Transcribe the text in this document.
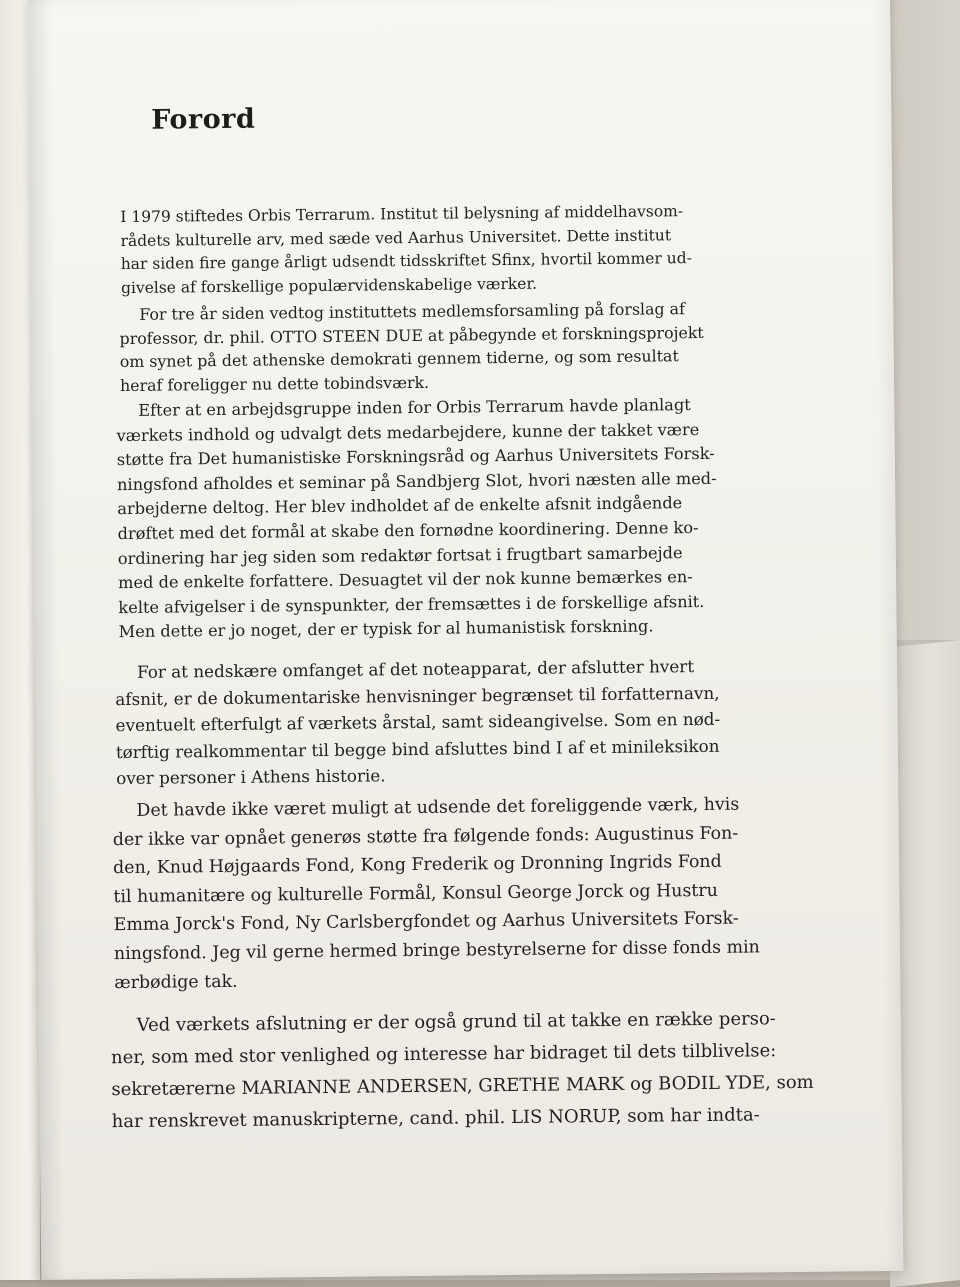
Forord
I 1979 stiftedes Orbis Terrarum. Institut til belysning af middelhavsom-
rådets kulturelle arv, med sæde ved Aarhus Universitet. Dette institut
har siden fire gange årligt udsendt tidsskriftet Sfinx, hvortil kommer ud-
givelse af forskellige populærvidenskabelige værker.
For tre år siden vedtog instituttets medlemsforsamling på forslag af
professor, dr. phil. OTTO STEEN DUE at påbegynde et forskningsprojekt
om synet på det athenske demokrati gennem tiderne, og som resultat
heraf foreligger nu dette tobindsværk.
Efter at en arbejdsgruppe inden for Orbis Terrarum havde planlagt
værkets indhold og udvalgt dets medarbejdere, kunne der takket være
støtte fra Det humanistiske Forskningsråd og Aarhus Universitets Forsk-
ningsfond afholdes et seminar på Sandbjerg Slot, hvori næsten alle med-
arbejderne deltog. Her blev indholdet af de enkelte afsnit indgående
drøftet med det formål at skabe den fornødne koordinering. Denne ko-
ordinering har jeg siden som redaktør fortsat i frugtbart samarbejde
med de enkelte forfattere. Desuagtet vil der nok kunne bemærkes en-
kelte afvigelser i de synspunkter, der fremsættes i de forskellige afsnit.
Men dette er jo noget, der er typisk for al humanistisk forskning.
For at nedskære omfanget af det noteapparat, der afslutter hvert
afsnit, er de dokumentariske henvisninger begrænset til forfatternavn,
eventuelt efterfulgt af værkets årstal, samt sideangivelse. Som en nød-
tørftig realkommentar til begge bind afsluttes bind I af et minileksikon
over personer i Athens historie.
Det havde ikke været muligt at udsende det foreliggende værk, hvis
der ikke var opnået generøs støtte fra følgende fonds: Augustinus Fon-
den, Knud Højgaards Fond, Kong Frederik og Dronning Ingrids Fond
til humanitære og kulturelle Formål, Konsul George Jorck og Hustru
Emma Jorck's Fond, Ny Carlsbergfondet og Aarhus Universitets Forsk-
ningsfond. Jeg vil gerne hermed bringe bestyrelserne for disse fonds min
ærbødige tak.
Ved værkets afslutning er der også grund til at takke en række perso-
ner, som med stor venlighed og interesse har bidraget til dets tilblivelse:
sekretærerne MARIANNE ANDERSEN, GRETHE MARK og BODIL YDE, som
har renskrevet manuskripterne, cand. phil. LIS NORUP, som har indta-
